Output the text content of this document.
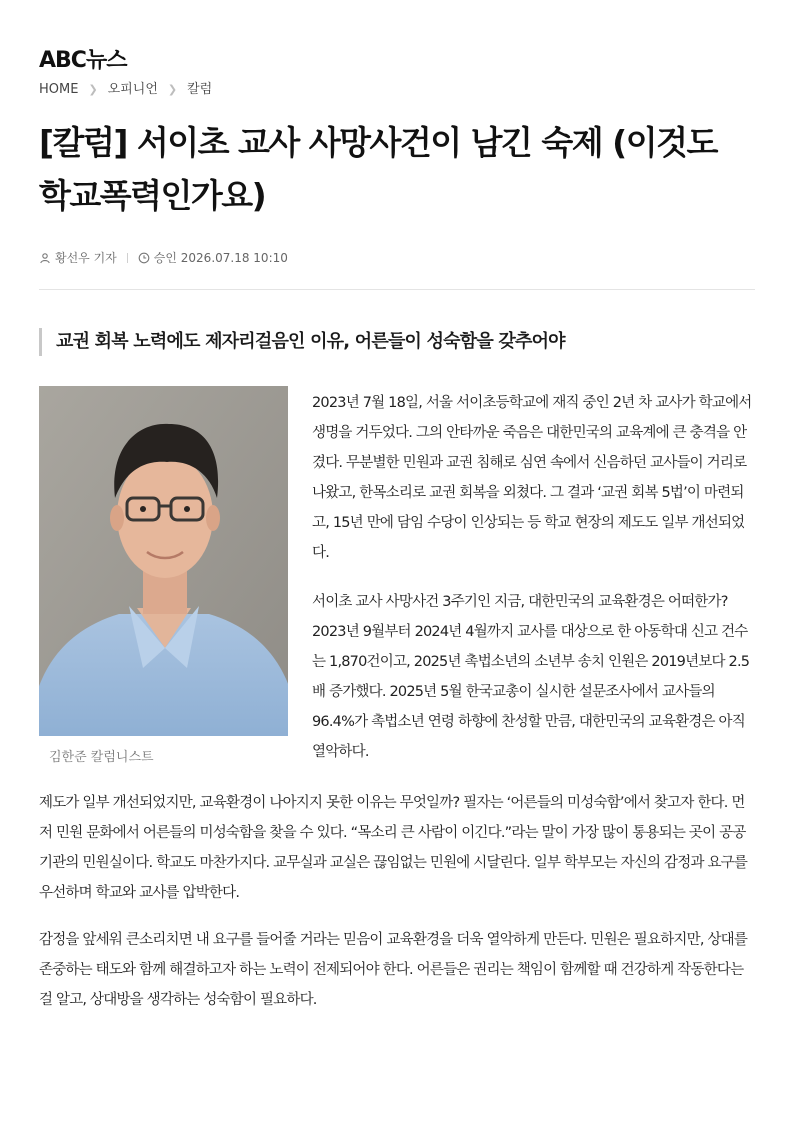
ABC뉴스
HOME ❯ 오피니언 ❯ 칼럼
[칼럼] 서이초 교사 사망사건이 남긴 숙제 (이것도 학교폭력인가요)
황선우 기자	승인 2026.07.18 10:10
교권 회복 노력에도 제자리걸음인 이유, 어른들이 성숙함을 갖추어야
김한준 칼럼니스트

2023년 7월 18일, 서울 서이초등학교에 재직 중인 2년 차 교사가 학교에서 생명을 거두었다. 그의 안타까운 죽음은 대한민국의 교육계에 큰 충격을 안겼다. 무분별한 민원과 교권 침해로 심연 속에서 신음하던 교사들이 거리로 나왔고, 한목소리로 교권 회복을 외쳤다. 그 결과 ‘교권 회복 5법’이 마련되고, 15년 만에 담임 수당이 인상되는 등 학교 현장의 제도도 일부 개선되었다.

서이초 교사 사망사건 3주기인 지금, 대한민국의 교육환경은 어떠한가? 2023년 9월부터 2024년 4월까지 교사를 대상으로 한 아동학대 신고 건수는 1,870건이고, 2025년 촉법소년의 소년부 송치 인원은 2019년보다 2.5배 증가했다. 2025년 5월 한국교총이 실시한 설문조사에서 교사들의 96.4%가 촉법소년 연령 하향에 찬성할 만큼, 대한민국의 교육환경은 아직 열악하다.

제도가 일부 개선되었지만, 교육환경이 나아지지 못한 이유는 무엇일까? 필자는 ‘어른들의 미성숙함’에서 찾고자 한다. 먼저 민원 문화에서 어른들의 미성숙함을 찾을 수 있다. “목소리 큰 사람이 이긴다.”라는 말이 가장 많이 통용되는 곳이 공공기관의 민원실이다. 학교도 마찬가지다. 교무실과 교실은 끊임없는 민원에 시달린다. 일부 학부모는 자신의 감정과 요구를 우선하며 학교와 교사를 압박한다.

감정을 앞세워 큰소리치면 내 요구를 들어줄 거라는 믿음이 교육환경을 더욱 열악하게 만든다. 민원은 필요하지만, 상대를 존중하는 태도와 함께 해결하고자 하는 노력이 전제되어야 한다. 어른들은 권리는 책임이 함께할 때 건강하게 작동한다는 걸 알고, 상대방을 생각하는 성숙함이 필요하다.
